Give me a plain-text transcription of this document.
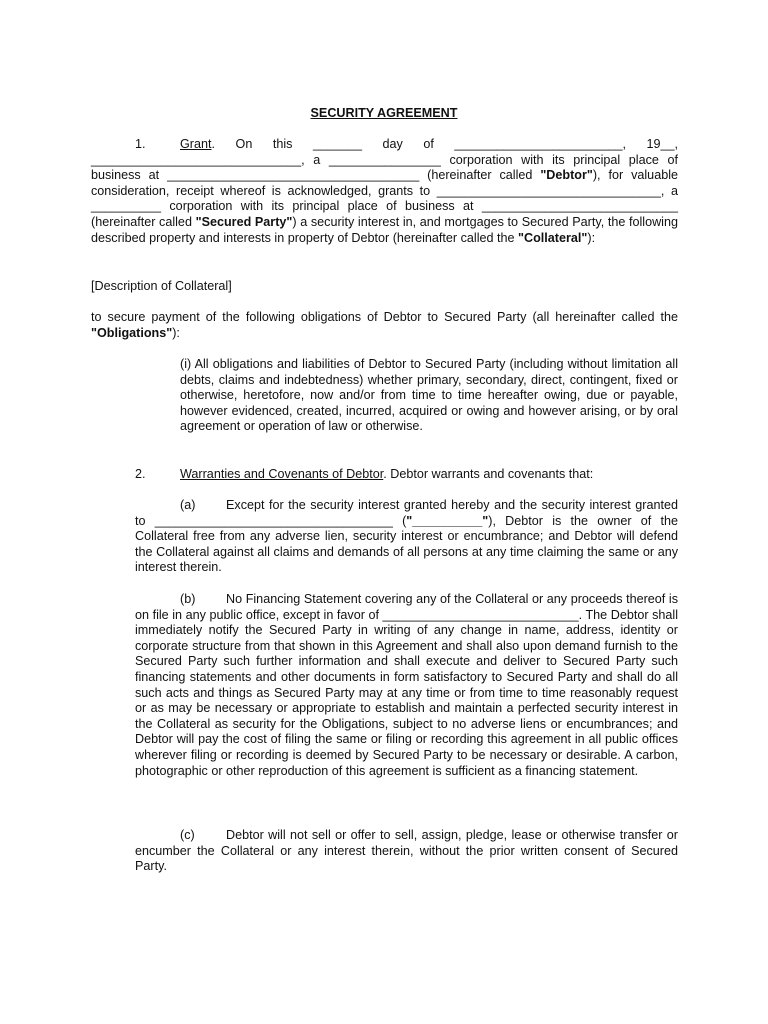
SECURITY AGREEMENT
1.	Grant. On this _______ day of ________________________, 19__, ______________________________, a ________________ corporation with its principal place of business at ____________________________________ (hereinafter called "Debtor"), for valuable consideration, receipt whereof is acknowledged, grants to ________________________________, a __________ corporation with its principal place of business at ____________________________ (hereinafter called "Secured Party") a security interest in, and mortgages to Secured Party, the following described property and interests in property of Debtor (hereinafter called the "Collateral"):
[Description of Collateral]
to secure payment of the following obligations of Debtor to Secured Party (all hereinafter called the "Obligations"):
(i) All obligations and liabilities of Debtor to Secured Party (including without limitation all debts, claims and indebtedness) whether primary, secondary, direct, contingent, fixed or otherwise, heretofore, now and/or from time to time hereafter owing, due or payable, however evidenced, created, incurred, acquired or owing and however arising, or by oral agreement or operation of law or otherwise.
2.	Warranties and Covenants of Debtor. Debtor warrants and covenants that:
(a) Except for the security interest granted hereby and the security interest granted to __________________________________ ("__________"), Debtor is the owner of the Collateral free from any adverse lien, security interest or encumbrance; and Debtor will defend the Collateral against all claims and demands of all persons at any time claiming the same or any interest therein.
(b) No Financing Statement covering any of the Collateral or any proceeds thereof is on file in any public office, except in favor of ____________________________. The Debtor shall immediately notify the Secured Party in writing of any change in name, address, identity or corporate structure from that shown in this Agreement and shall also upon demand furnish to the Secured Party such further information and shall execute and deliver to Secured Party such financing statements and other documents in form satisfactory to Secured Party and shall do all such acts and things as Secured Party may at any time or from time to time reasonably request or as may be necessary or appropriate to establish and maintain a perfected security interest in the Collateral as security for the Obligations, subject to no adverse liens or encumbrances; and Debtor will pay the cost of filing the same or filing or recording this agreement in all public offices wherever filing or recording is deemed by Secured Party to be necessary or desirable. A carbon, photographic or other reproduction of this agreement is sufficient as a financing statement.
(c) Debtor will not sell or offer to sell, assign, pledge, lease or otherwise transfer or encumber the Collateral or any interest therein, without the prior written consent of Secured Party.
